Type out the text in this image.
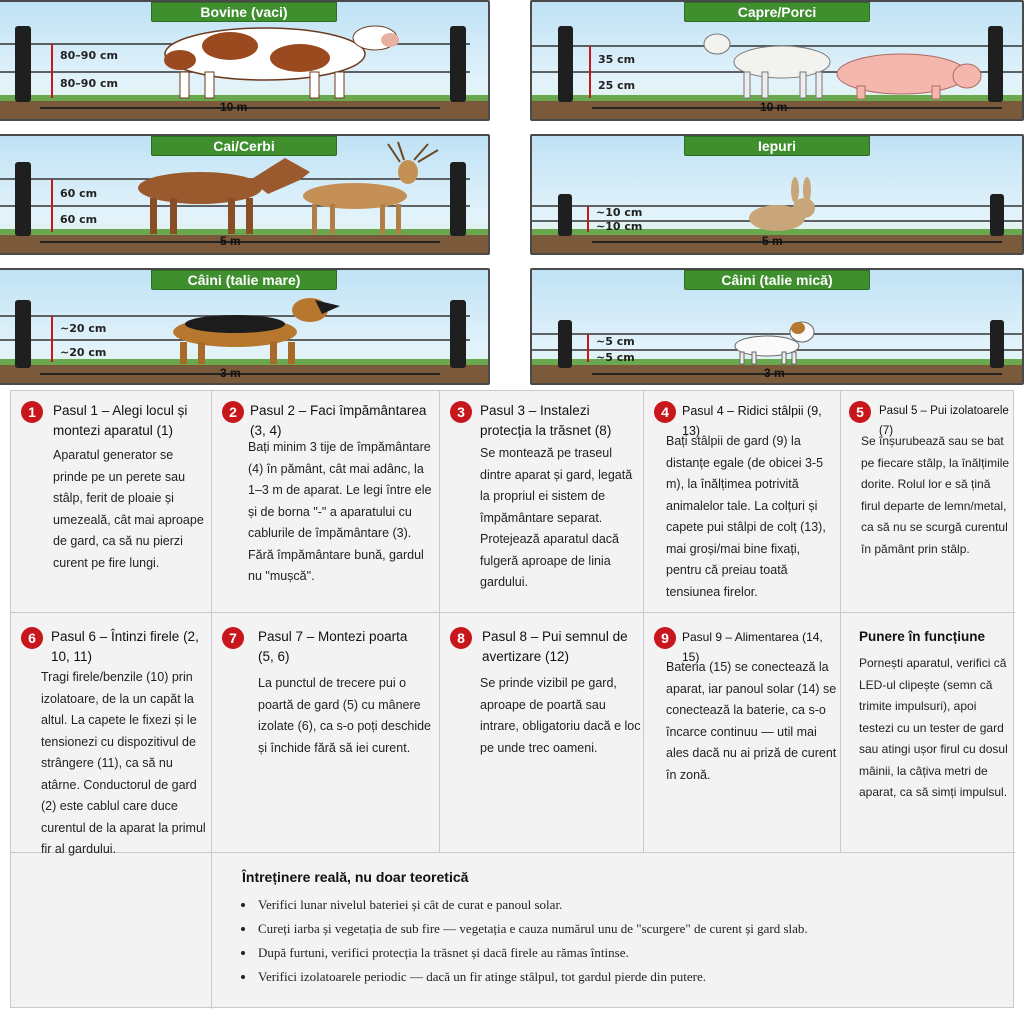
Bovine (vaci)
80–90 cm
80–90 cm
10 m
Capre/Porci
35 cm
25 cm
10 m
Cai/Cerbi
60 cm
60 cm
5 m
Iepuri
~10 cm
~10 cm
5 m
Câini (talie mare)
~20 cm
~20 cm
3 m
Câini (talie mică)
~5 cm
~5 cm
3 m
1	Pasul 1 – Alegi locul și montezi aparatul (1)
Aparatul generator se prinde pe un perete sau stâlp, ferit de ploaie și umezeală, cât mai aproape de gard, ca să nu pierzi curent pe fire lungi.
2 Pasul 2 – Faci împământarea (3, 4)
Bați minim 3 tije de împământare (4) în pământ, cât mai adânc, la 1–3 m de aparat. Le legi între ele și de borna "-" a aparatului cu cablurile de împământare (3). Fără împământare bună, gardul nu "mușcă".
3	Pasul 3 – Instalezi protecția la trăsnet (8)
Se montează pe traseul dintre aparat și gard, legată la propriul ei sistem de împământare separat. Protejează aparatul dacă fulgeră aproape de linia gardului.
4	Pasul 4 – Ridici stâlpii (9, 13)
Bați stâlpii de gard (9) la distanțe egale (de obicei 3-5 m), la înălțimea potrivită animalelor tale. La colțuri și capete pui stâlpi de colț (13), mai groși/mai bine fixați, pentru că preiau toată tensiunea firelor.
5	Pasul 5 – Pui izolatoarele (7)
Se înșurubează sau se bat pe fiecare stâlp, la înălțimile dorite. Rolul lor e să țină firul departe de lemn/metal, ca să nu se scurgă curentul în pământ prin stâlp.
6	Pasul 6 – Întinzi firele (2, 10, 11)
Tragi firele/benzile (10) prin izolatoare, de la un capăt la altul. La capete le fixezi și le tensionezi cu dispozitivul de strângere (11), ca să nu atârne. Conductorul de gard (2) este cablul care duce curentul de la aparat la primul fir al gardului.
7	Pasul 7 – Montezi poarta (5, 6)
La punctul de trecere pui o poartă de gard (5) cu mânere izolate (6), ca s-o poți deschide și închide fără să iei curent.
8	Pasul 8 – Pui semnul de avertizare (12)
Se prinde vizibil pe gard, aproape de poartă sau intrare, obligatoriu dacă e loc pe unde trec oameni.
9	Pasul 9 – Alimentarea (14, 15)
Bateria (15) se conectează la aparat, iar panoul solar (14) se conectează la baterie, ca s-o încarce continuu — util mai ales dacă nu ai priză de curent în zonă.
Punere în funcțiune
Pornești aparatul, verifici că LED-ul clipește (semn că trimite impulsuri), apoi testezi cu un tester de gard sau atingi ușor firul cu dosul mâinii, la câțiva metri de aparat, ca să simți impulsul.
Întreținere reală, nu doar teoretică
• Verifici lunar nivelul bateriei și cât de curat e panoul solar.
• Cureți iarba și vegetația de sub fire — vegetația e cauza numărul unu de "scurgere" de curent și gard slab.
• După furtuni, verifici protecția la trăsnet și dacă firele au rămas întinse.
• Verifici izolatoarele periodic — dacă un fir atinge stâlpul, tot gardul pierde din putere.
